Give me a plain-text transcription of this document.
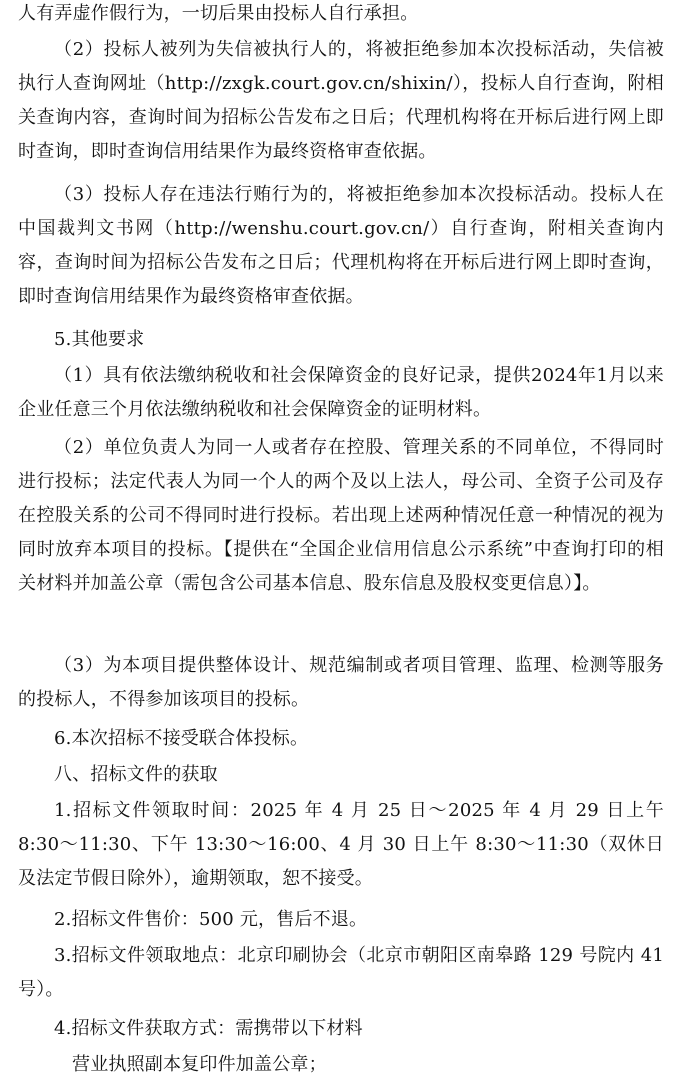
人有弄虚作假行为，一切后果由投标人自行承担。

（2）投标人被列为失信被执行人的，将被拒绝参加本次投标活动，失信被执行人查询网址（http://zxgk.court.gov.cn/shixin/），投标人自行查询，附相关查询内容，查询时间为招标公告发布之日后；代理机构将在开标后进行网上即时查询，即时查询信用结果作为最终资格审查依据。

（3）投标人存在违法行贿行为的，将被拒绝参加本次投标活动。投标人在中国裁判文书网（http://wenshu.court.gov.cn/）自行查询，附相关查询内容，查询时间为招标公告发布之日后；代理机构将在开标后进行网上即时查询，即时查询信用结果作为最终资格审查依据。

5.其他要求

（1）具有依法缴纳税收和社会保障资金的良好记录，提供2024年1月以来企业任意三个月依法缴纳税收和社会保障资金的证明材料。

（2）单位负责人为同一人或者存在控股、管理关系的不同单位，不得同时进行投标；法定代表人为同一个人的两个及以上法人，母公司、全资子公司及存在控股关系的公司不得同时进行投标。若出现上述两种情况任意一种情况的视为同时放弃本项目的投标。【提供在“全国企业信用信息公示系统”中查询打印的相关材料并加盖公章（需包含公司基本信息、股东信息及股权变更信息）】。

（3）为本项目提供整体设计、规范编制或者项目管理、监理、检测等服务的投标人，不得参加该项目的投标。

6.本次招标不接受联合体投标。

八、招标文件的获取

1.招标文件领取时间：2025 年 4 月 25 日～2025 年 4 月 29 日上午 8:30～11:30、下午 13:30～16:00、4 月 30 日上午 8:30～11:30（双休日及法定节假日除外），逾期领取，恕不接受。

2.招标文件售价：500 元，售后不退。

3.招标文件领取地点：北京印刷协会（北京市朝阳区南皋路 129 号院内 41 号）。

4.招标文件获取方式：需携带以下材料

营业执照副本复印件加盖公章；
